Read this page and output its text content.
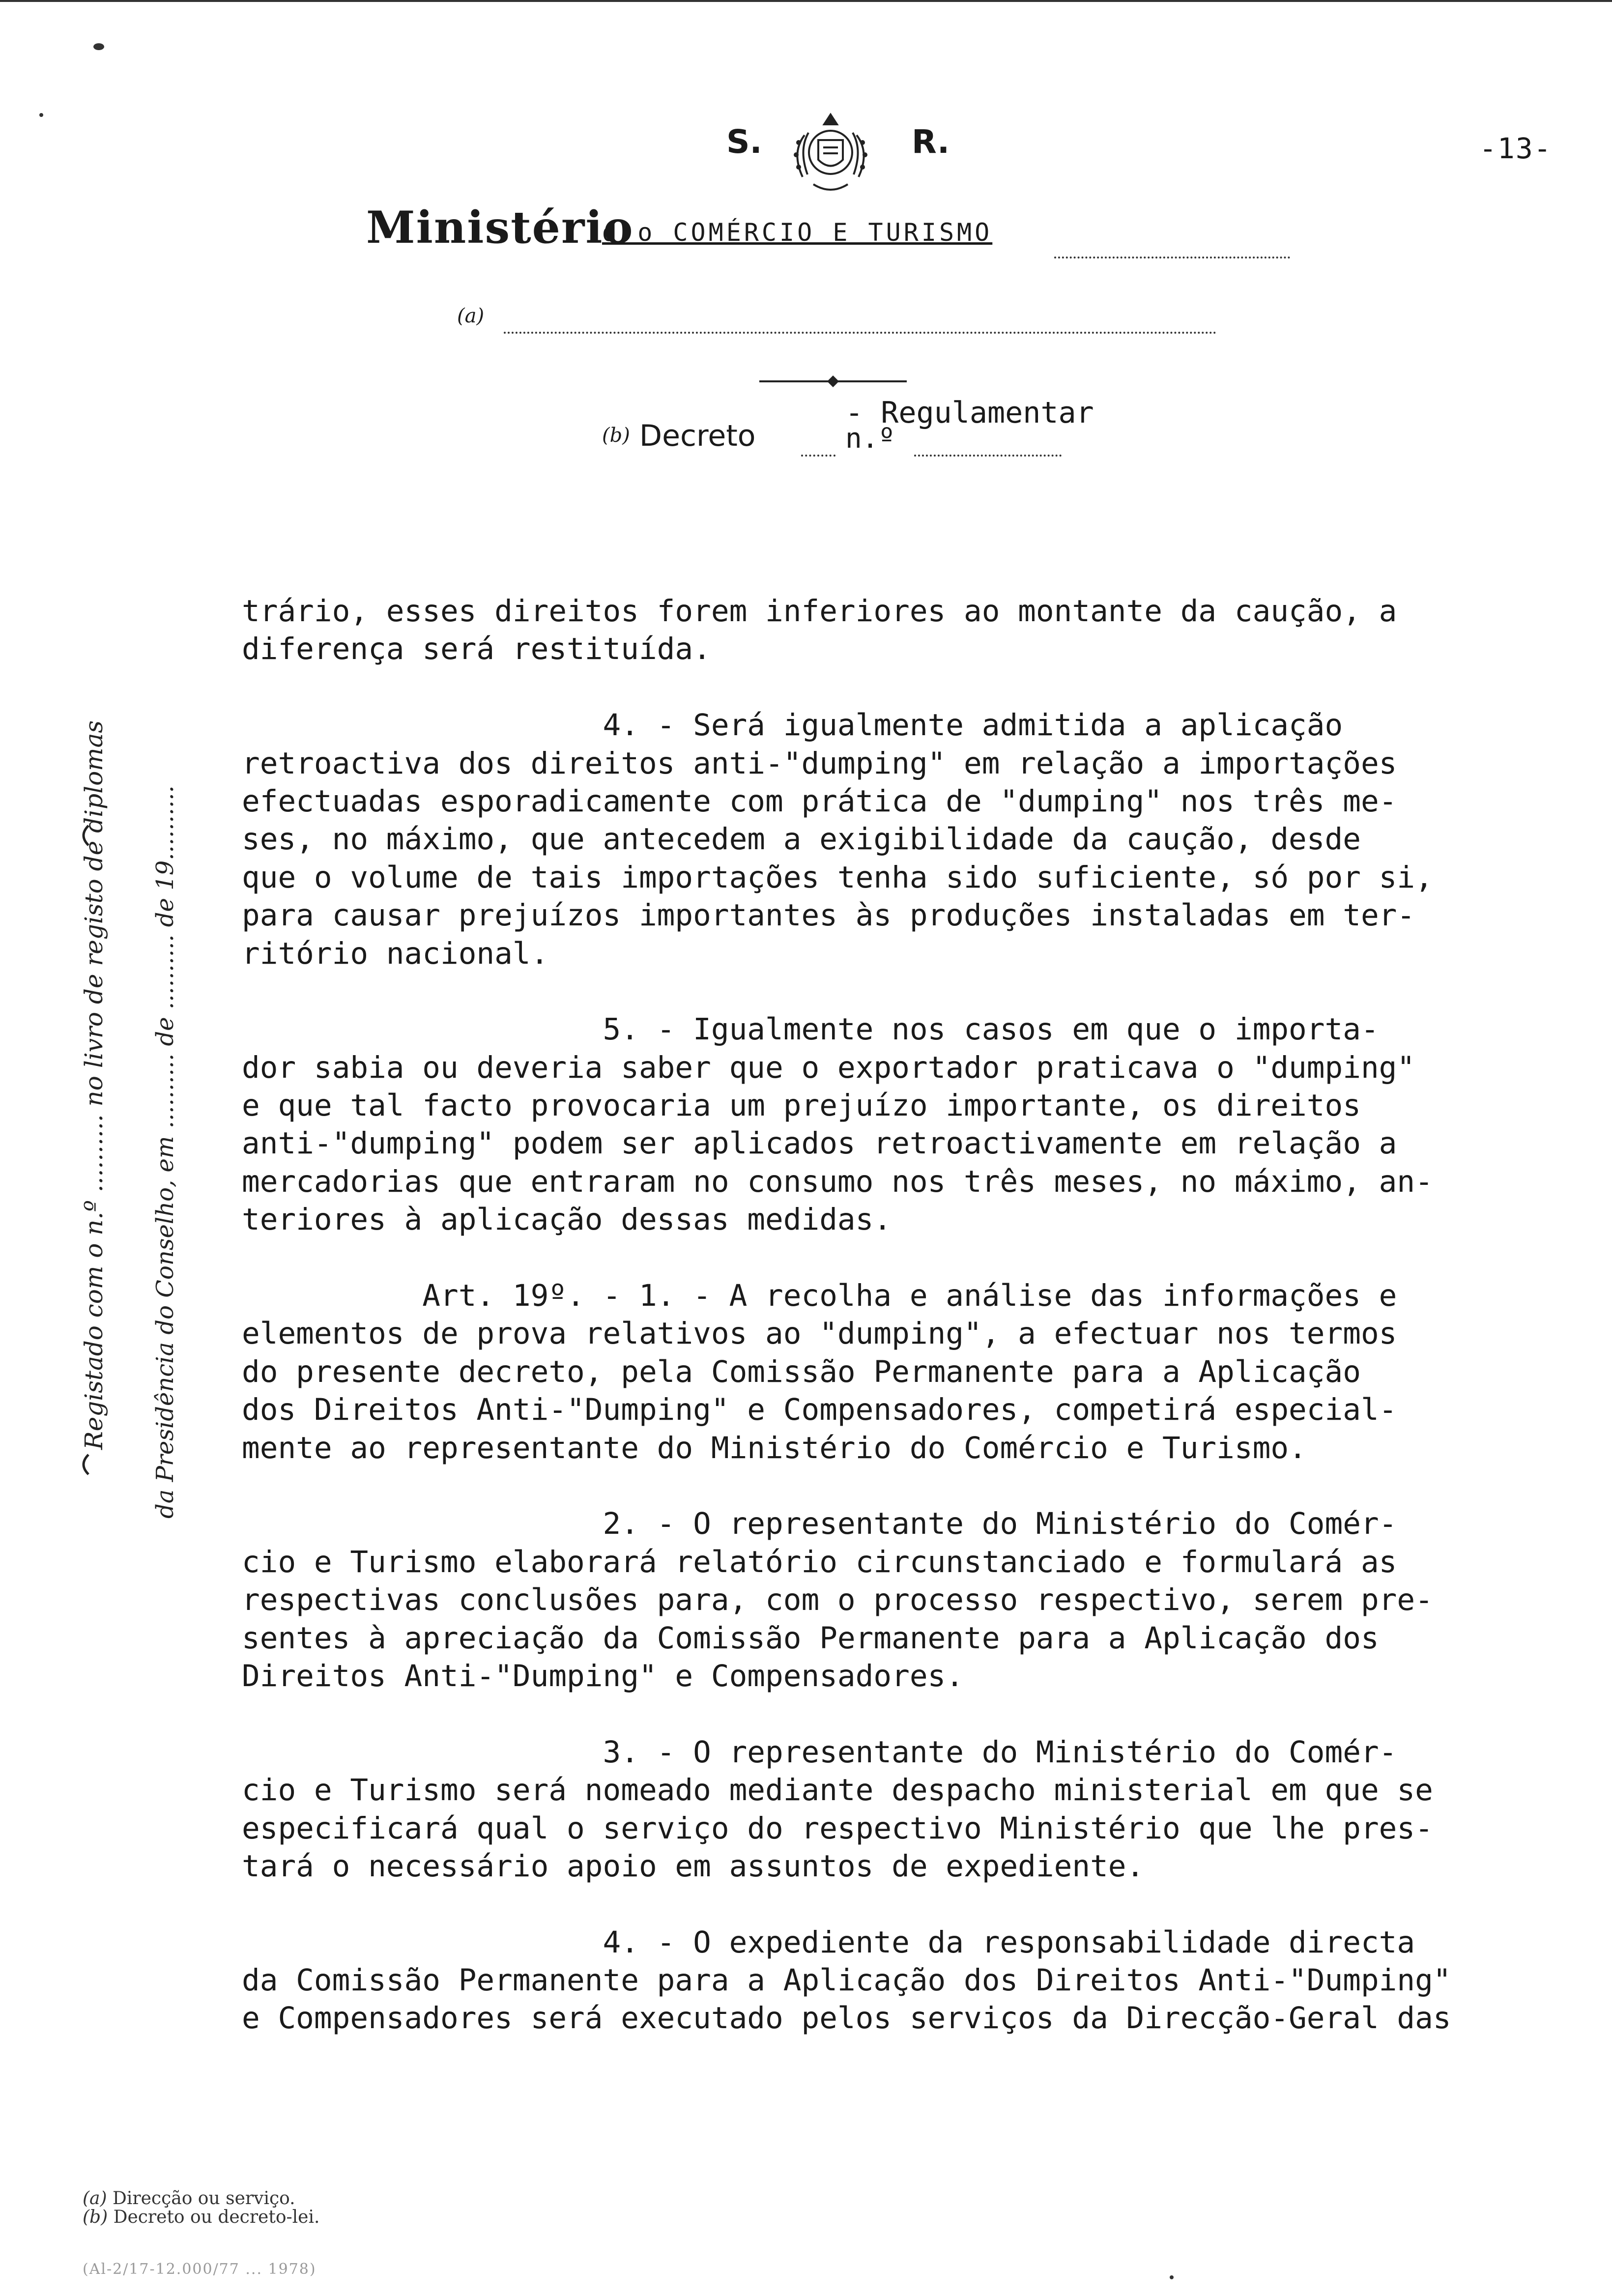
-13-
S.	R.
Ministério
d o COMÉRCIO E TURISMO
(a)
- Regulamentar
(b) Decreto	n.º
Registado com o n.º .......... no livro de registo de diplomas da Presidência do Conselho, em .......... de .......... de 19..........
trário, esses direitos forem inferiores ao montante da caução, a
diferença será restituída.
4. - Será igualmente admitida a aplicação
retroactiva dos direitos anti-"dumping" em relação a importações
efectuadas esporadicamente com prática de "dumping" nos três me-
ses, no máximo, que antecedem a exigibilidade da caução, desde
que o volume de tais importações tenha sido suficiente, só por si,
para causar prejuízos importantes às produções instaladas em ter-
ritório nacional.
5. - Igualmente nos casos em que o importa-
dor sabia ou deveria saber que o exportador praticava o "dumping"
e que tal facto provocaria um prejuízo importante, os direitos
anti-"dumping" podem ser aplicados retroactivamente em relação a
mercadorias que entraram no consumo nos três meses, no máximo, an-
teriores à aplicação dessas medidas.
Art. 19º. - 1. - A recolha e análise das informações e
elementos de prova relativos ao "dumping", a efectuar nos termos
do presente decreto, pela Comissão Permanente para a Aplicação
dos Direitos Anti-"Dumping" e Compensadores, competirá especial-
mente ao representante do Ministério do Comércio e Turismo.
2. - O representante do Ministério do Comér-
cio e Turismo elaborará relatório circunstanciado e formulará as
respectivas conclusões para, com o processo respectivo, serem pre-
sentes à apreciação da Comissão Permanente para a Aplicação dos
Direitos Anti-"Dumping" e Compensadores.
3. - O representante do Ministério do Comér-
cio e Turismo será nomeado mediante despacho ministerial em que se
especificará qual o serviço do respectivo Ministério que lhe pres-
tará o necessário apoio em assuntos de expediente.
4. - O expediente da responsabilidade directa
da Comissão Permanente para a Aplicação dos Direitos Anti-"Dumping"
e Compensadores será executado pelos serviços da Direcção-Geral das
(a) Direcção ou serviço.
(b) Decreto ou decreto-lei.
(Al-2/17-12.000/77 ... 1978)
